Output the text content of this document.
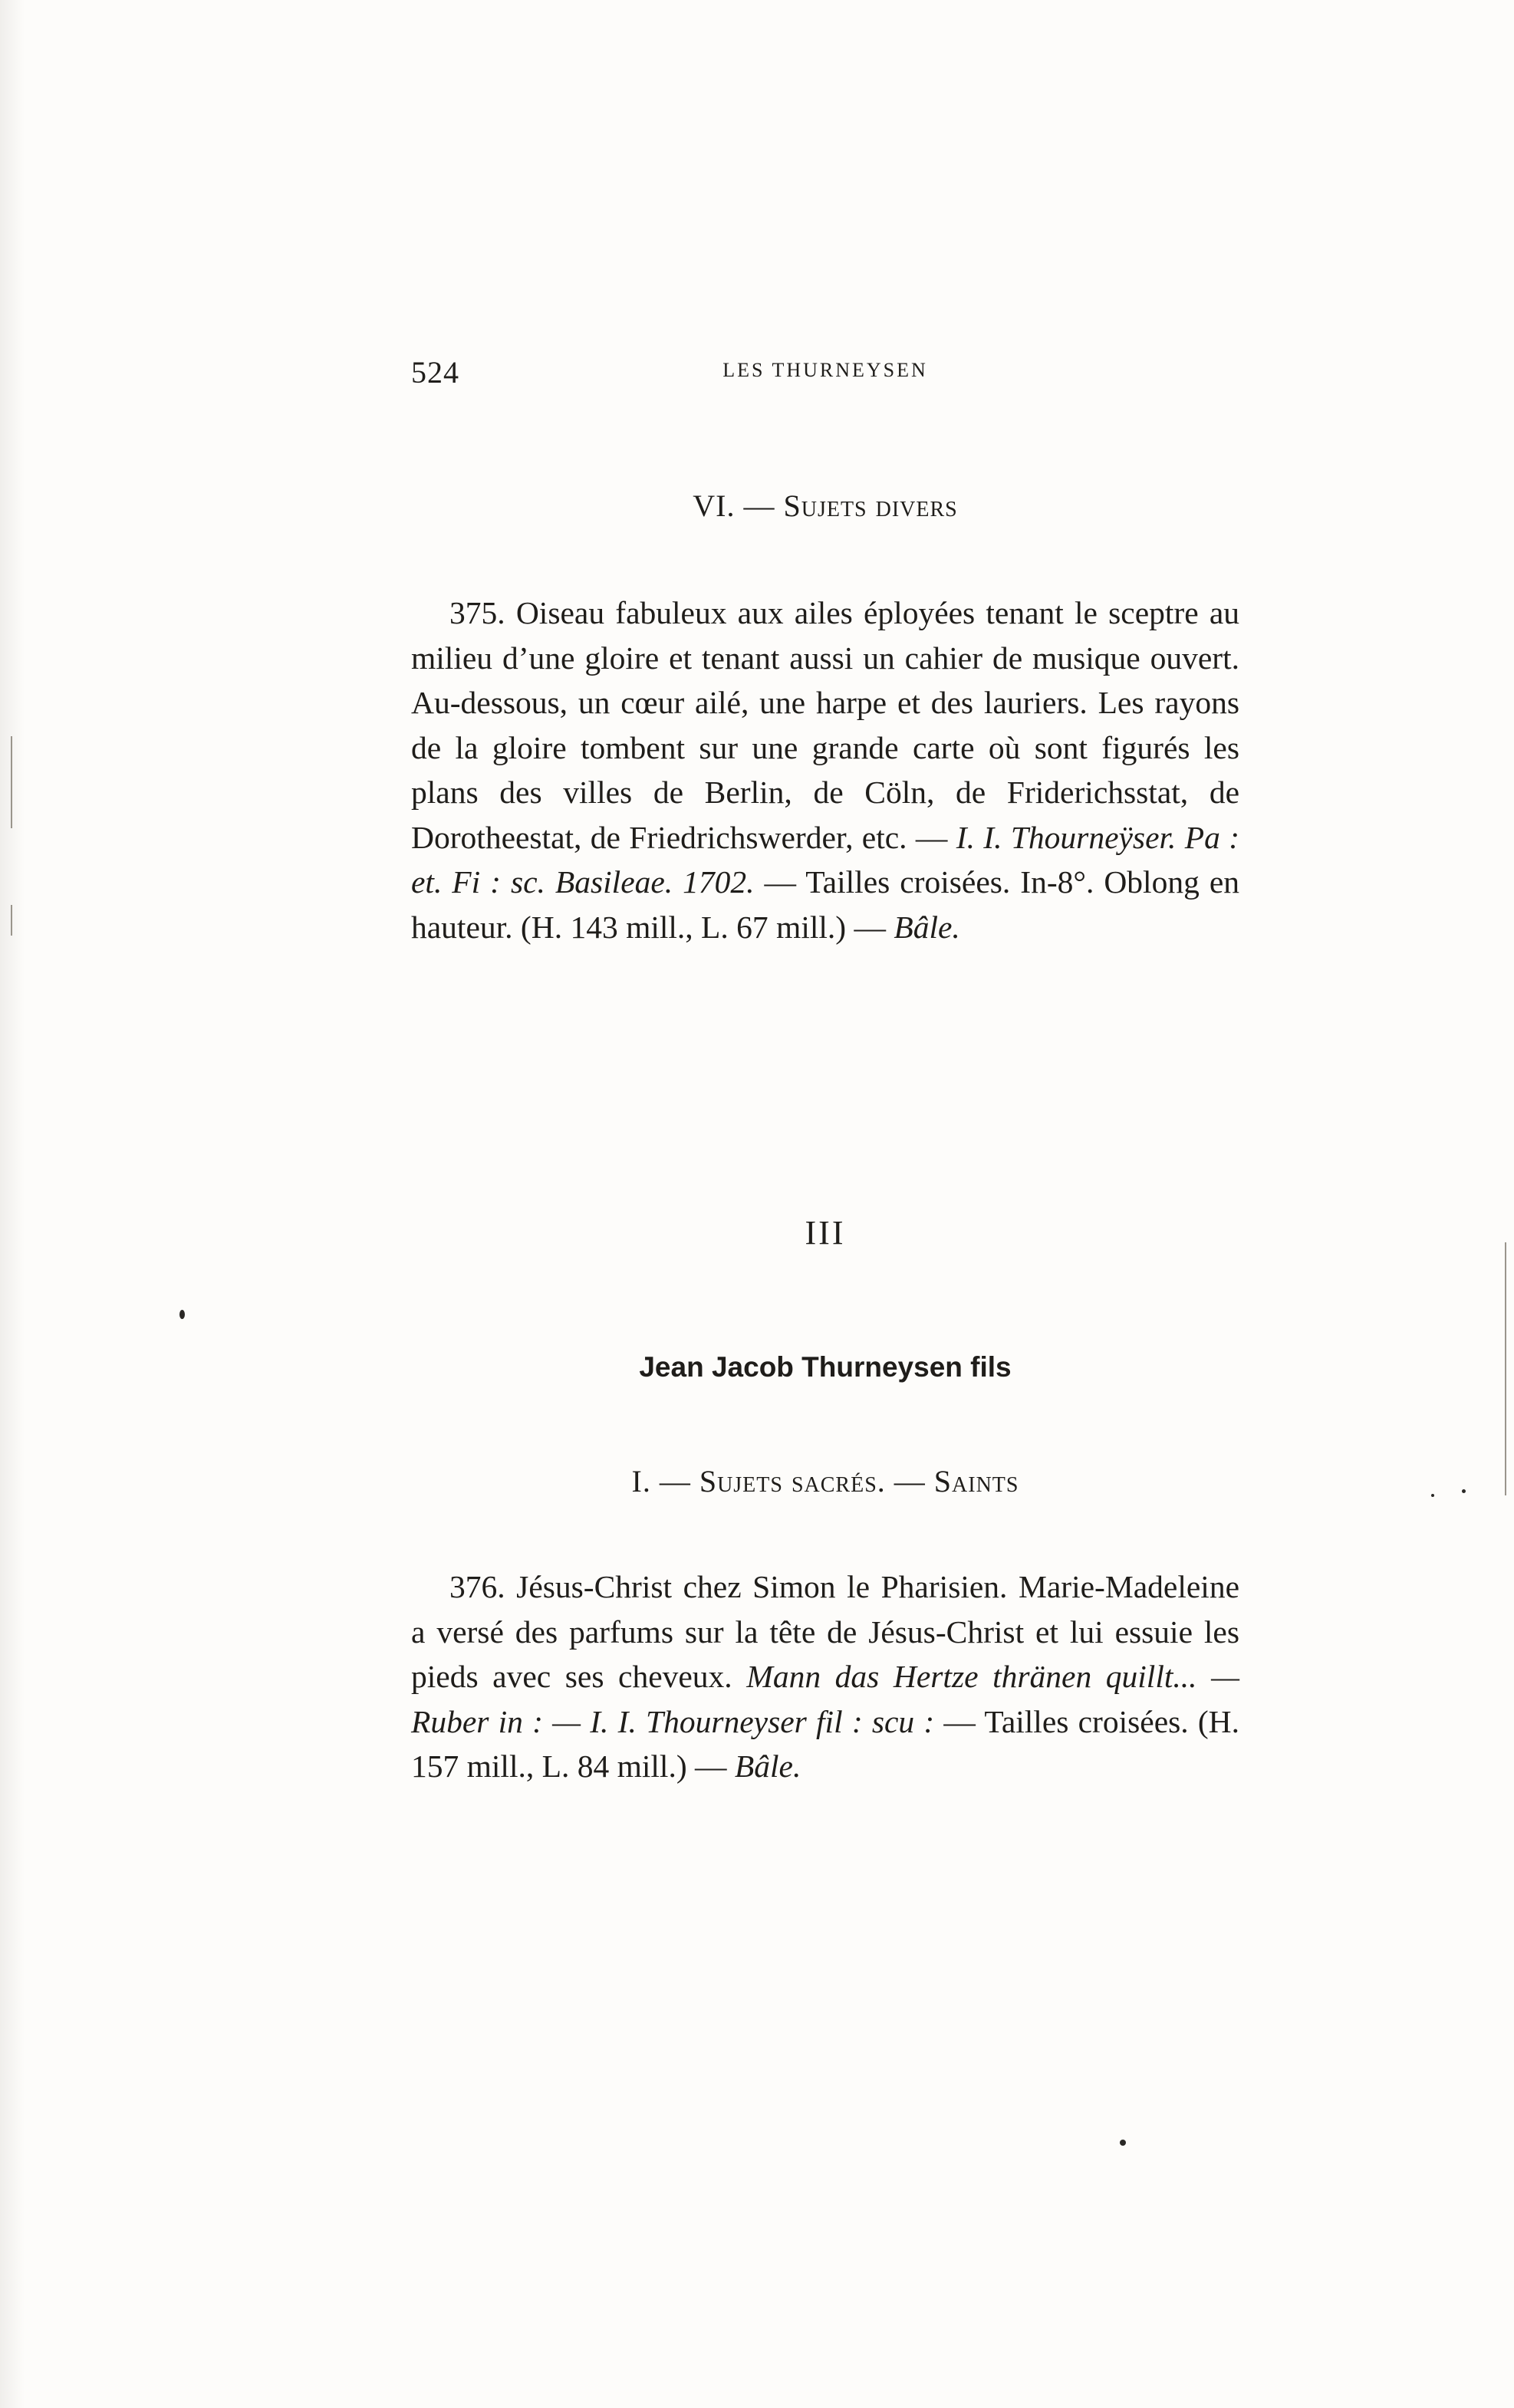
524	LES THURNEYSEN
VI. — Sujets divers

375. Oiseau fabuleux aux ailes éployées tenant le sceptre au milieu d’une gloire et tenant aussi un cahier de musique ouvert. Au-dessous, un cœur ailé, une harpe et des lauriers. Les rayons de la gloire tombent sur une grande carte où sont figurés les plans des villes de Berlin, de Cöln, de Friderichsstat, de Dorotheestat, de Friedrichswerder, etc. — I. I. Thourneÿser. Pa : et. Fi : sc. Basileae. 1702. — Tailles croisées. In-8°. Oblong en hauteur. (H. 143 mill., L. 67 mill.) — Bâle.

III
Jean Jacob Thurneysen fils
I. — Sujets sacrés. — Saints

376. Jésus-Christ chez Simon le Pharisien. Marie-Madeleine a versé des parfums sur la tête de Jésus-Christ et lui essuie les pieds avec ses cheveux. Mann das Hertze thränen quillt... — Ruber in : — I. I. Thourneyser fil : scu : — Tailles croisées. (H. 157 mill., L. 84 mill.) — Bâle.
